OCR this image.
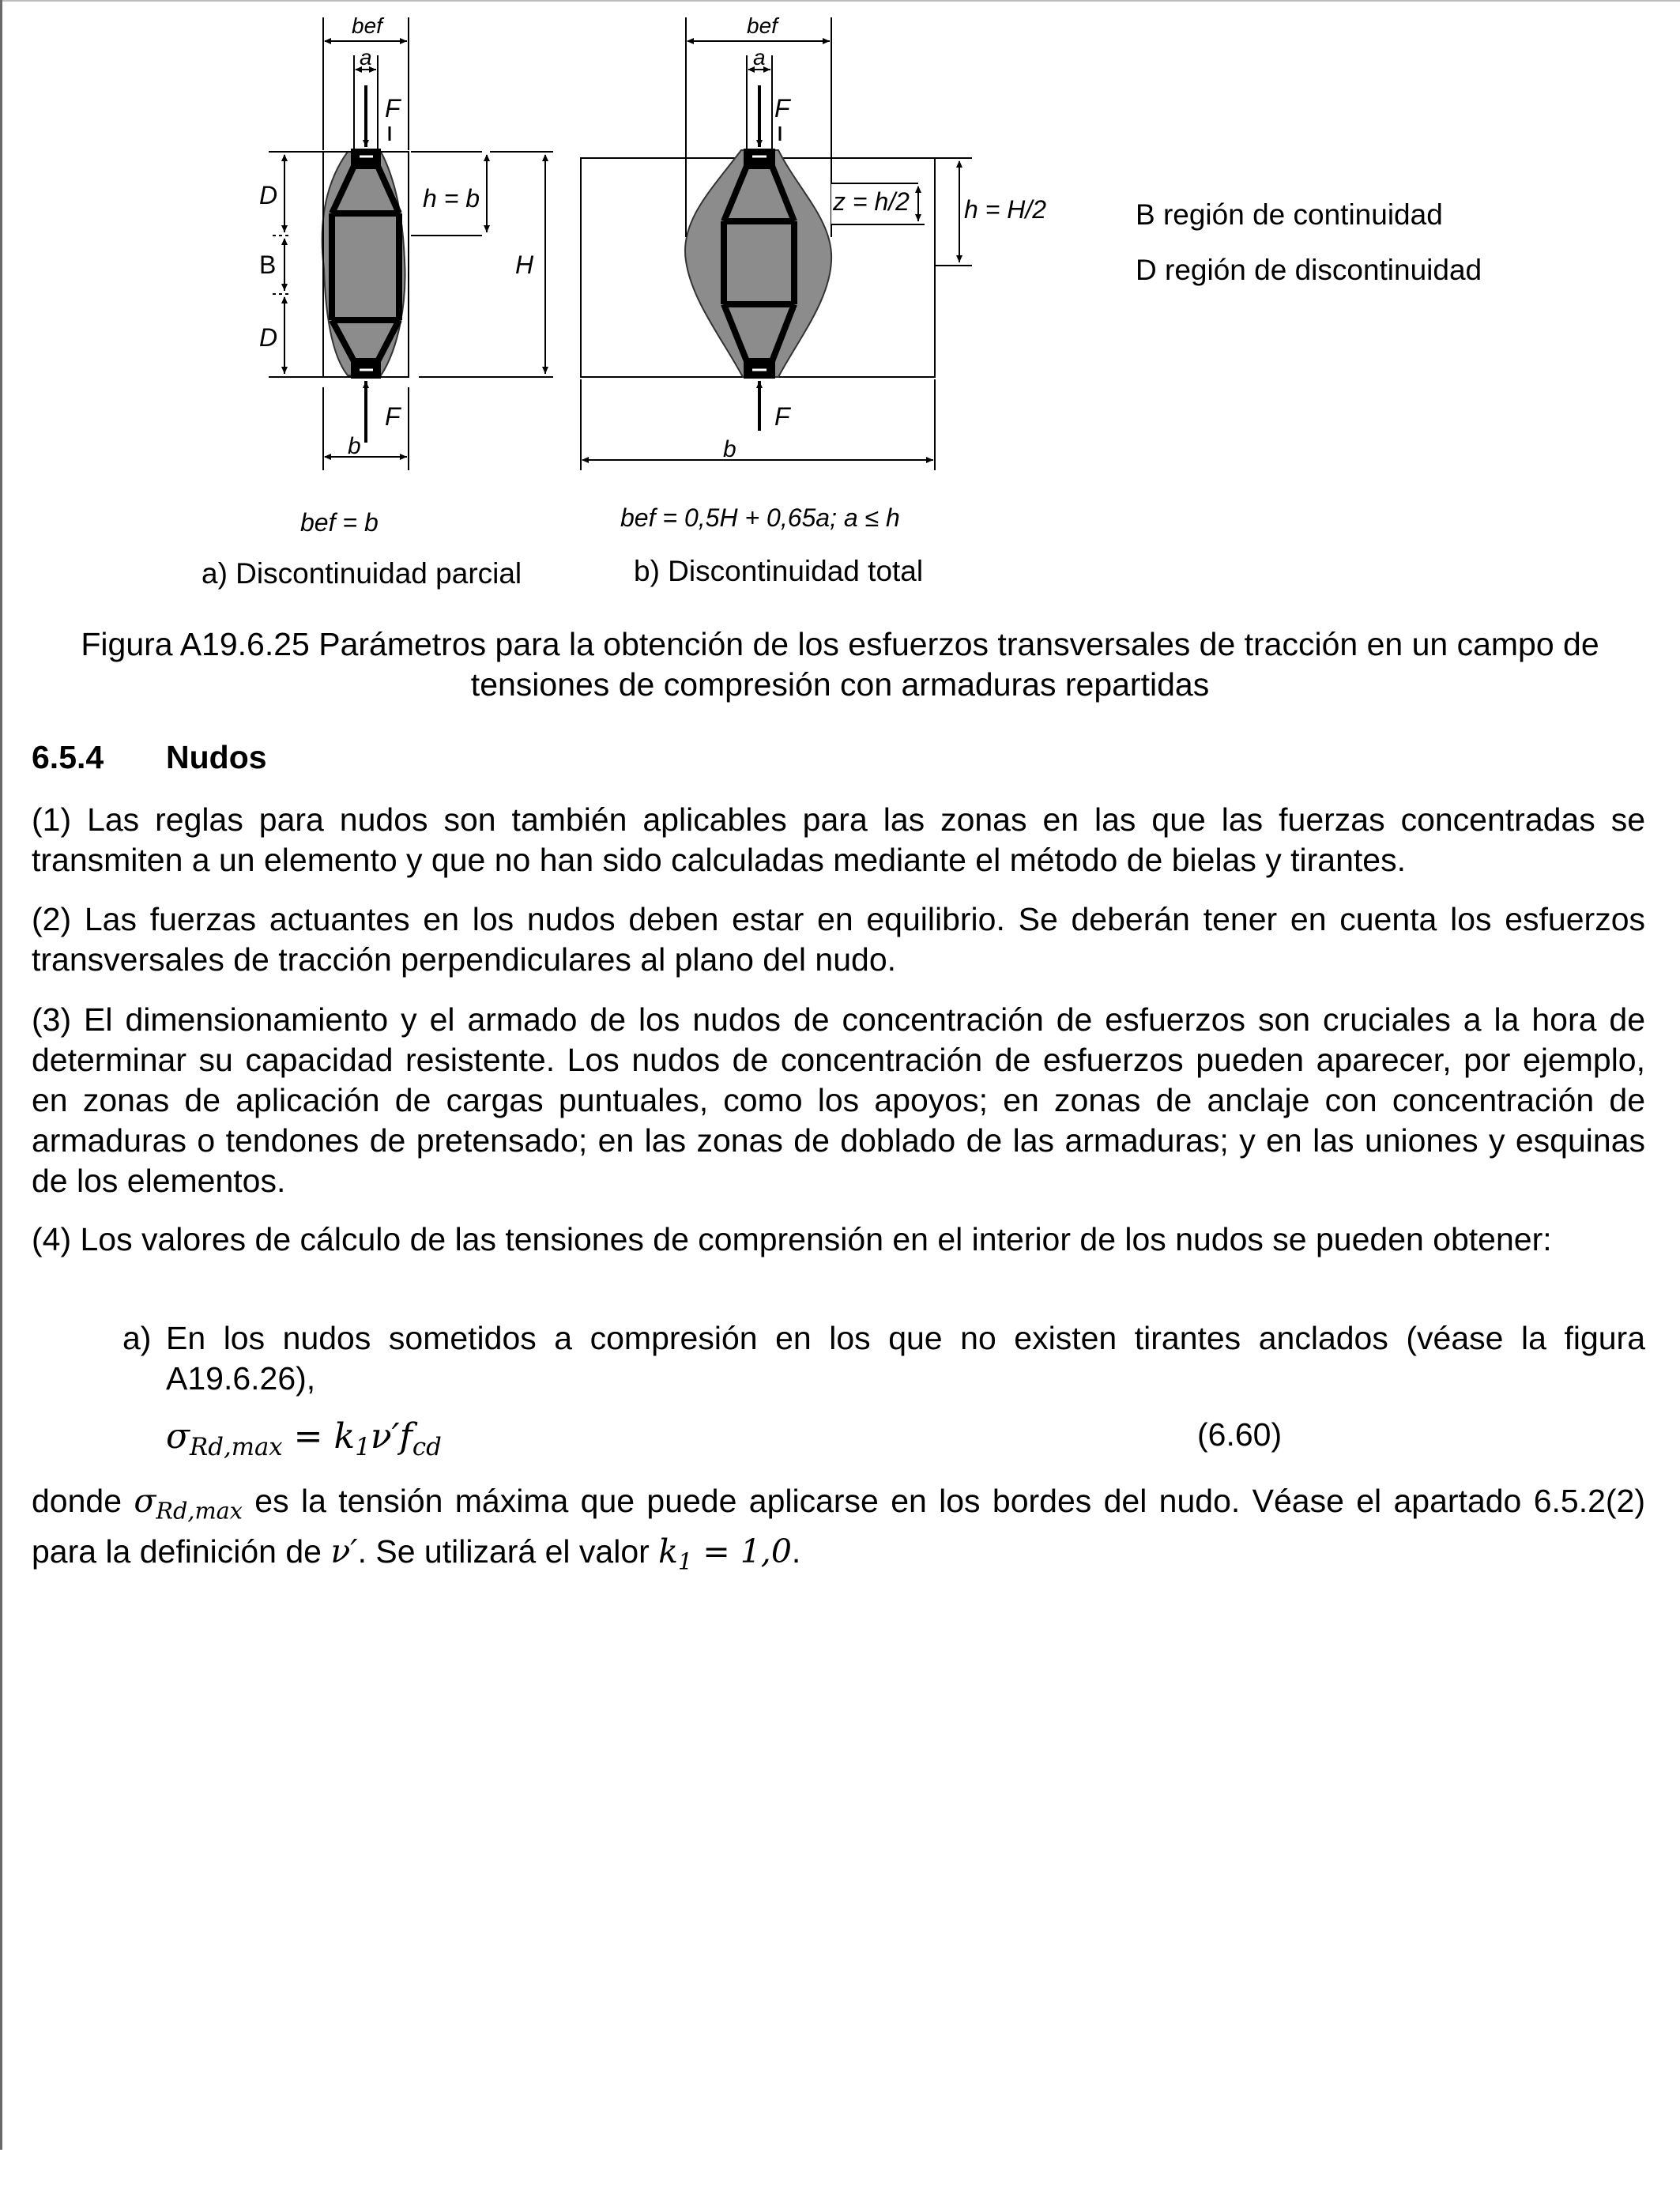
bef
a
F
F
b
D
B
D
h = b
H
bef = b
a) Discontinuidad parcial
bef
a
F
F
b
z = h/2 h = H/2
bef = 0,5H + 0,65a; a ≤ h
b) Discontinuidad total
B región de continuidad
D región de discontinuidad
Figura A19.6.25 Parámetros para la obtención de los esfuerzos transversales de tracción en un campo de tensiones de compresión con armaduras repartidas
6.5.4 Nudos
(1) Las reglas para nudos son también aplicables para las zonas en las que las fuerzas concentradas se transmiten a un elemento y que no han sido calculadas mediante el método de bielas y tirantes.
(2) Las fuerzas actuantes en los nudos deben estar en equilibrio. Se deberán tener en cuenta los esfuerzos transversales de tracción perpendiculares al plano del nudo.
(3) El dimensionamiento y el armado de los nudos de concentración de esfuerzos son cruciales a la hora de determinar su capacidad resistente. Los nudos de concentración de esfuerzos pueden aparecer, por ejemplo, en zonas de aplicación de cargas puntuales, como los apoyos; en zonas de anclaje con concentración de armaduras o tendones de pretensado; en las zonas de doblado de las armaduras; y en las uniones y esquinas de los elementos.
(4) Los valores de cálculo de las tensiones de comprensión en el interior de los nudos se pueden obtener:
a) En los nudos sometidos a compresión en los que no existen tirantes anclados (véase la figura A19.6.26),
$\sigma_{Rd,max} = k_1\nu'f_{cd}$	(6.60)
donde $\sigma_{Rd,max}$ es la tensión máxima que puede aplicarse en los bordes del nudo. Véase el apartado 6.5.2(2) para la definición de ν′. Se utilizará el valor $k_1 = 1,0$.
